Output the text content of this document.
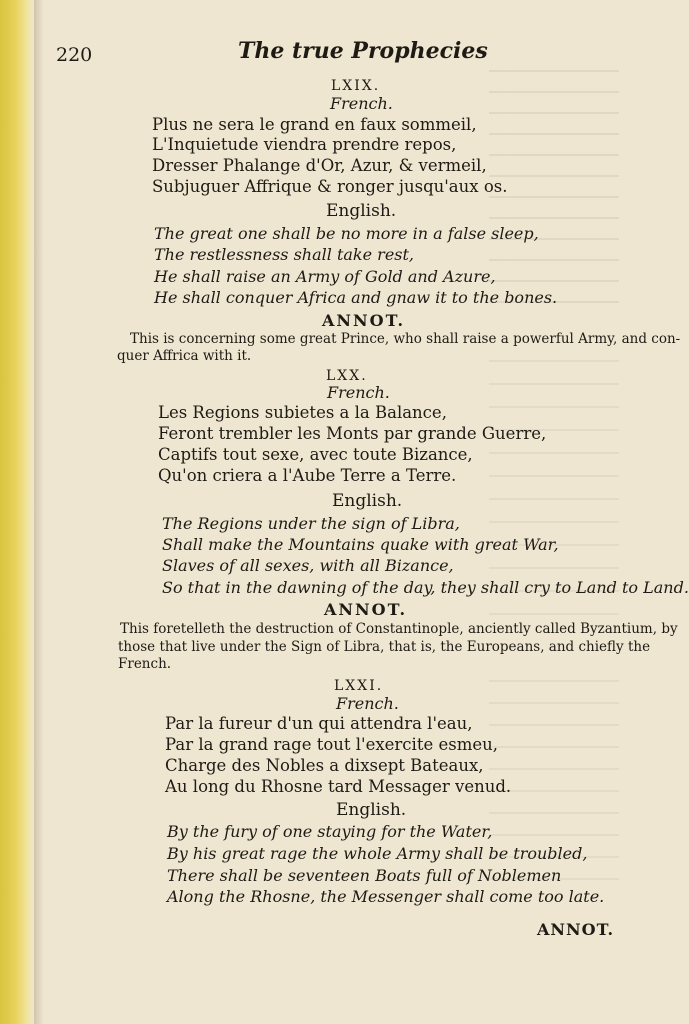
220	The true Prophecies
LXIX.
French.
Plus ne sera le grand en faux sommeil,
L'Inquietude viendra prendre repos,
Dresser Phalange d'Or, Azur, & vermeil,
Subjuguer Affrique & ronger jusqu'aux os.
English.
The great one shall be no more in a false sleep,
The restlessness shall take rest,
He shall raise an Army of Gold and Azure,
He shall conquer Africa and gnaw it to the bones.
ANNOT.
This is concerning some great Prince, who shall raise a powerful Army, and con-
quer Affrica with it.
LXX.
French.
Les Regions subietes a la Balance,
Feront trembler les Monts par grande Guerre,
Captifs tout sexe, avec toute Bizance,
Qu'on criera a l'Aube Terre a Terre.
English.
The Regions under the sign of Libra,
Shall make the Mountains quake with great War,
Slaves of all sexes, with all Bizance,
So that in the dawning of the day, they shall cry to Land to Land.
ANNOT.
This foretelleth the destruction of Constantinople, anciently called Byzantium, by
those that live under the Sign of Libra, that is, the Europeans, and chiefly the
French.
LXXI.
French.
Par la fureur d'un qui attendra l'eau,
Par la grand rage tout l'exercite esmeu,
Charge des Nobles a dixsept Bateaux,
Au long du Rhosne tard Messager venud.
English.
By the fury of one staying for the Water,
By his great rage the whole Army shall be troubled,
There shall be seventeen Boats full of Noblemen
Along the Rhosne, the Messenger shall come too late.
ANNOT.
